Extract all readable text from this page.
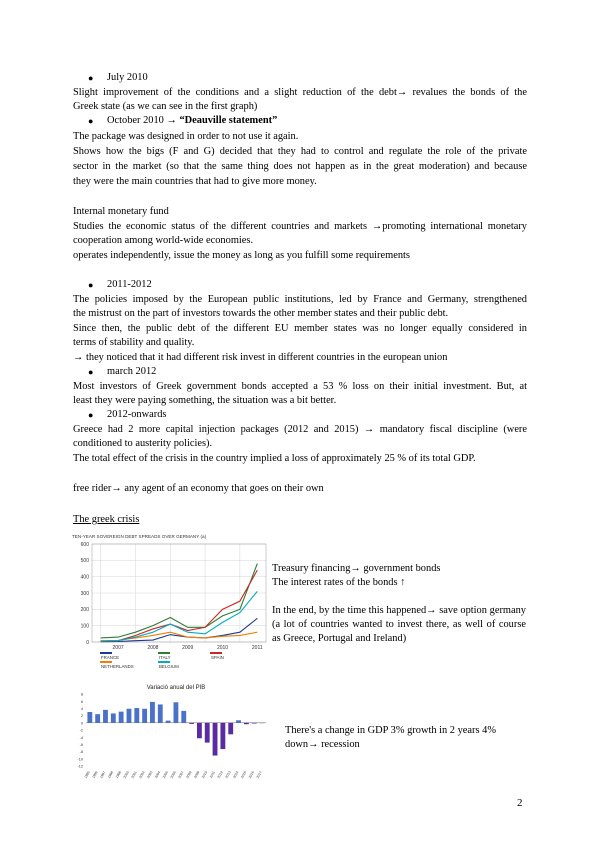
● July 2010
Slight improvement of the conditions and a slight reduction of the debt→ revalues the bonds of the
Greek state (as we can see in the first graph)
● October 2010 → “Deauville statement”
The package was designed in order to not use it again.
Shows how the bigs (F and G) decided that they had to control and regulate the role of the private
sector in the market (so that the same thing does not happen as in the great moderation) and because
they were the main countries that had to give more money.
Internal monetary fund
Studies the economic status of the different countries and markets →promoting international monetary
cooperation among world-wide economies.
operates independently, issue the money as long as you fulfill some requirements
● 2011-2012
The policies imposed by the European public institutions, led by France and Germany, strengthened
the mistrust on the part of investors towards the other member states and their public debt.
Since then, the public debt of the different EU member states was no longer equally considered in
terms of stability and quality.
→ they noticed that it had different risk invest in different countries in the european union
● march 2012
Most investors of Greek government bonds accepted a 53 % loss on their initial investment. But, at
least they were paying something, the situation was a bit better.
● 2012-onwards
Greece had 2 more capital injection packages (2012 and 2015) → mandatory fiscal discipline (were
conditioned to austerity policies).
The total effect of the crisis in the country implied a loss of approximately 25 % of its total GDP.
free rider→ any agent of an economy that goes on their own
The greek crisis
TEN-YEAR SOVEREIGN DEBT SPREADS OVER GERMANY (a)
0
100
200
300
400
500
600
2007	2008	2009	2010	2011
FRANCE	ITALY	SPAIN
NETHERLANDS	BELGIUM
Treasury financing→ government bonds
The interest rates of the bonds ↑
In the end, by the time this happened→ save option germany (a lot of countries wanted to invest there, as well of course as Greece, Portugal and Ireland)
Variació anual del PIB
8
6
4
2
0
-2
-4
-6
-8
-10
-12
1995 1996 1997 1998 1999 2000 2001 2002 2003 2004 2005 2006 2007 2008 2009 2010 2011 2012 2013 2014 2015 2016 2017
There's a change in GDP 3% growth in 2 years 4% down→ recession
2
